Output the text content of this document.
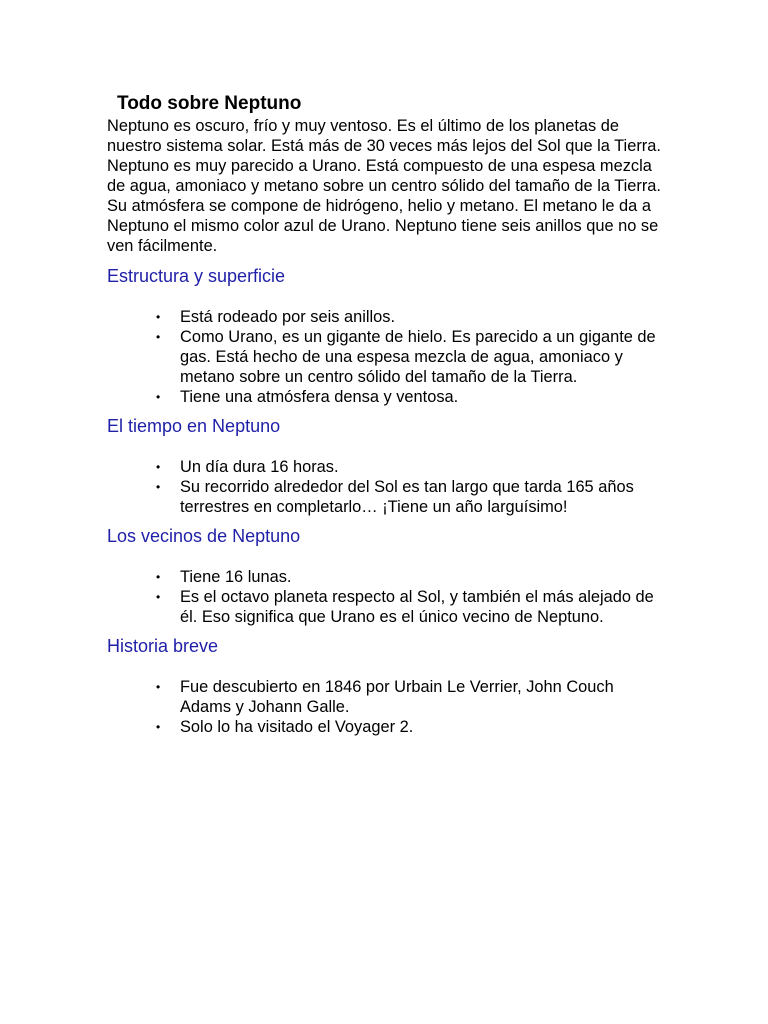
Todo sobre Neptuno

Neptuno es oscuro, frío y muy ventoso. Es el último de los planetas de nuestro sistema solar. Está más de 30 veces más lejos del Sol que la Tierra. Neptuno es muy parecido a Urano. Está compuesto de una espesa mezcla de agua, amoniaco y metano sobre un centro sólido del tamaño de la Tierra. Su atmósfera se compone de hidrógeno, helio y metano. El metano le da a Neptuno el mismo color azul de Urano. Neptuno tiene seis anillos que no se ven fácilmente.

Estructura y superficie
• Está rodeado por seis anillos.
• Como Urano, es un gigante de hielo. Es parecido a un gigante de gas. Está hecho de una espesa mezcla de agua, amoniaco y metano sobre un centro sólido del tamaño de la Tierra.
• Tiene una atmósfera densa y ventosa.
El tiempo en Neptuno
• Un día dura 16 horas.
• Su recorrido alrededor del Sol es tan largo que tarda 165 años terrestres en completarlo… ¡Tiene un año larguísimo!
Los vecinos de Neptuno
• Tiene 16 lunas.
• Es el octavo planeta respecto al Sol, y también el más alejado de él. Eso significa que Urano es el único vecino de Neptuno.
Historia breve
• Fue descubierto en 1846 por Urbain Le Verrier, John Couch Adams y Johann Galle.
• Solo lo ha visitado el Voyager 2.
